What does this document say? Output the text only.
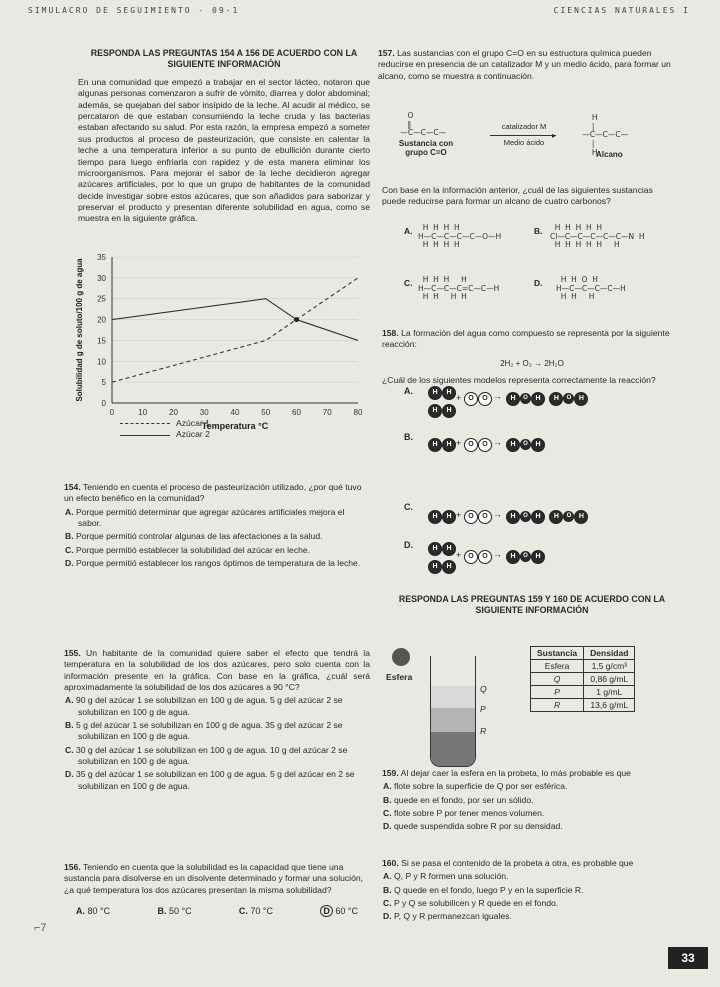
SIMULACRO DE SEGUIMIENTO - 09-1	CIENCIAS NATURALES I
RESPONDA LAS PREGUNTAS 154 A 156 DE ACUERDO CON LA SIGUIENTE INFORMACIÓN

En una comunidad que empezó a trabajar en el sector lácteo, notaron que algunas personas comenzaron a sufrir de vómito, diarrea y dolor abdominal; además, se quejaban del sabor insípido de la leche. Al acudir al médico, se percataron de que estaban consumiendo la leche cruda y las bacterias estaban afectando su salud. Por esta razón, la empresa empezó a someter sus productos al proceso de pasteurización, que consiste en calentar la leche a una temperatura inferior a su punto de ebullición durante cierto tiempo para luego enfriarla con rapidez y de esta manera eliminar los microorganismos. Para mejorar el sabor de la leche decidieron agregar azúcares artificiales, por lo que un grupo de habitantes de la comunidad decide investigar sobre estos azúcares, que son añadidos para saborizar y preservar el producto y presentan diferente solubilidad en agua, como se muestra en la siguiente gráfica.

0
5
10
15
20
25
30
35
0	10	20	30	40	50	60	70	80
Temperatura °C
Solubilidad g de soluto/100 g de agua
Azúcar 1
Azúcar 2

154. Teniendo en cuenta el proceso de pasteurización utilizado, ¿por qué tuvo un efecto benéfico en la comunidad?

A. Porque permitió determinar que agregar azúcares artificiales mejora el sabor.
B. Porque permitió controlar algunas de las afectaciones a la salud.
C. Porque permitió establecer la solubilidad del azúcar en leche.
D. Porque permitió establecer los rangos óptimos de temperatura de la leche.

155. Un habitante de la comunidad quiere saber el efecto que tendrá la temperatura en la solubilidad de los dos azúcares, pero solo cuenta con la información presente en la gráfica. Con base en la gráfica, ¿cuál será aproximadamente la solubilidad de los dos azúcares a 90 °C?

A. 90 g del azúcar 1 se solubilizan en 100 g de agua. 5 g del azúcar 2 se solubilizan en 100 g de agua.
B. 5 g del azúcar 1 se solubilizan en 100 g de agua. 35 g del azúcar 2 se solubilizan en 100 g de agua.
C. 30 g del azúcar 1 se solubilizan en 100 g de agua. 10 g del azúcar 2 se solubilizan en 100 g de agua.
D. 35 g del azúcar 1 se solubilizan en 100 g de agua. 5 g del azúcar en 2 se solubilizan en 100 g de agua.

156. Teniendo en cuenta que la solubilidad es la capacidad que tiene una sustancia para disolverse en un disolvente determinado y formar una solución, ¿a qué temperatura los dos azúcares presentan la misma solubilidad?

A. 80 °C	B. 50 °C	C. 70 °C	D 60 °C

157. Las sustancias con el grupo C=O en su estructura química pueden reducirse en presencia de un catalizador M y un medio ácido, para formar un alcano, como se muestra a continuación.

O
‖
—C—C—C—
Sustancia con grupo C=O
catalizador M
▸
Medio ácido
H
|
—C—C—C—
|
H
Alcano
Con base en la información anterior, ¿cuál de las siguientes sustancias puede reducirse para formar un alcano de cuatro carbonos?
A.	H  H  H  H
H—C—C—C—C—O—H
H  H  H  H
B.	H  H  H  H  H
Cl—C—C—C—C—C—N  H
H  H  H  H  H     H
C.	H  H  H     H
H—C—C—C=C—C—H
H  H     H  H
D.	H  H  O  H
H—C—C—C—C—H
H  H     H

158. La formación del agua como compuesto se representa por la siguiente reacción:

2H₂ + O₂ → 2H₂O

¿Cuál de los siguientes modelos representa correctamente la reacción?

A.	H H
H H
+	O O →	H O H H O H
B.
H H +	O O →	H O H
C.
H H +	O O →	H O H H O H
D.	H H
H H
+	O O →	H O H
RESPONDA LAS PREGUNTAS 159 Y 160 DE ACUERDO CON LA SIGUIENTE INFORMACIÓN
Esfera
Q
P
R
Sustancia	Densidad
Esfera	1,5 g/cm³
Q	0,86 g/mL
P	1 g/mL
R	13,6 g/mL

159. Al dejar caer la esfera en la probeta, lo más probable es que

A. flote sobre la superficie de Q por ser esférica.
B. quede en el fondo, por ser un sólido.
C. flote sobre P por tener menos volumen.
D. quede suspendida sobre R por su densidad.

160. Si se pasa el contenido de la probeta a otra, es probable que

A. Q, P y R formen una solución.
B. Q quede en el fondo, luego P y en la superficie R.
C. P y Q se solubilicen y R quede en el fondo.
D. P, Q y R permanezcan iguales.
33
⌐7
